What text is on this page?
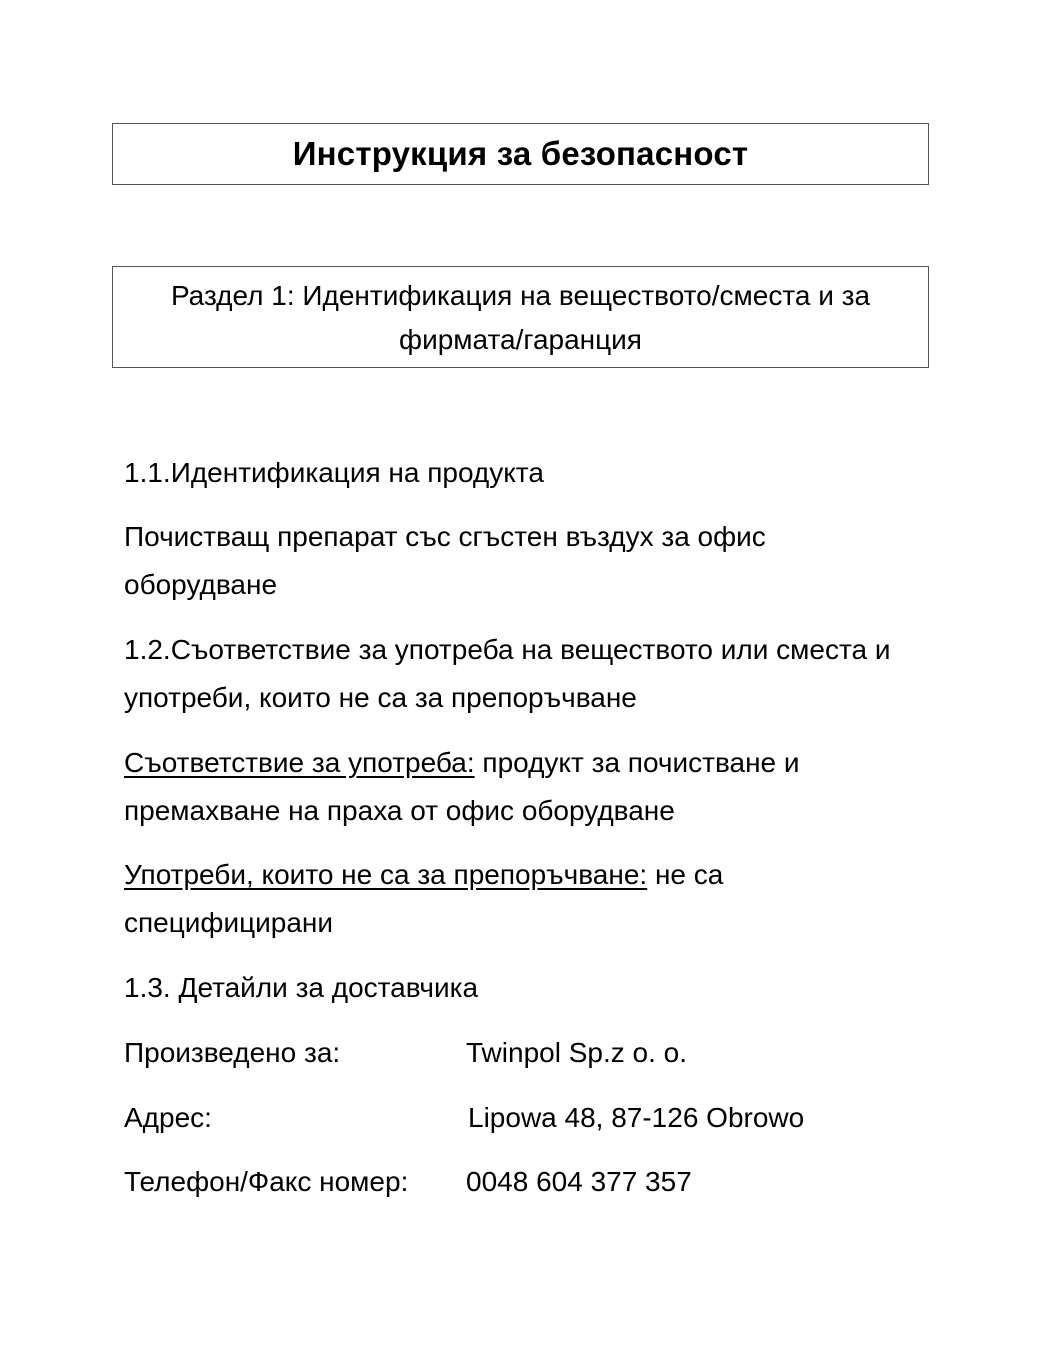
Инструкция за безопасност
Раздел 1: Идентификация на веществото/сместа и за фирмата/гаранция

1.1.Идентификация на продукта

Почистващ препарат със сгъстен въздух за офис оборудване

1.2.Съответствие за употреба на веществото или сместа и употреби, които не са за препоръчване

Съответствие за употреба: продукт за почистване и премахване на праха от офис оборудване

Употреби, които не са за препоръчване: не са специфицирани

1.3. Детайли за доставчика

Произведено за:	Twinpol Sp.z o. o.
Адрес:	Lipowa 48, 87-126 Obrowo
Телефон/Факс номер: 0048 604 377 357
